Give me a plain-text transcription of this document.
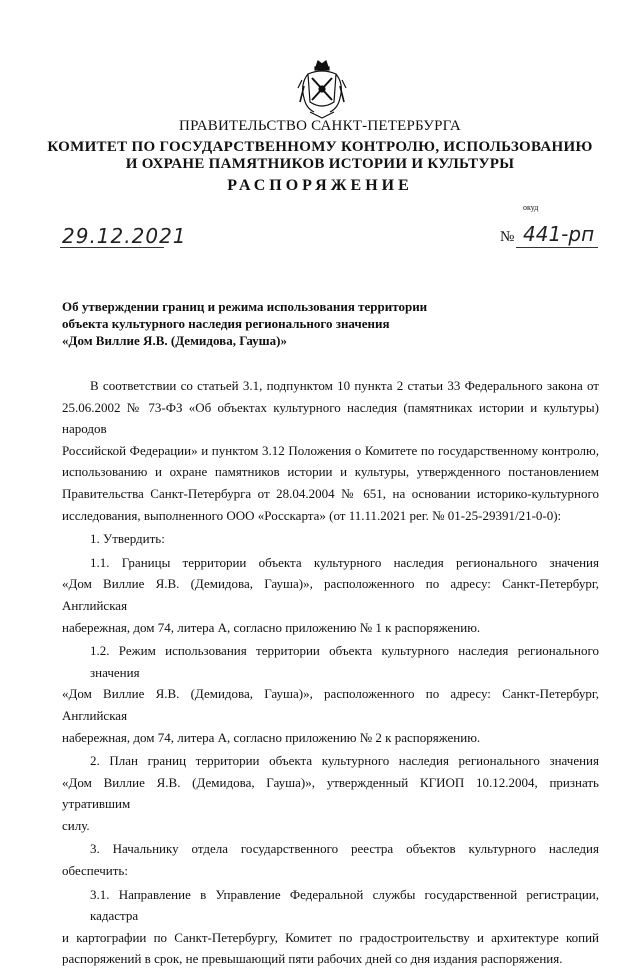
ПРАВИТЕЛЬСТВО САНКТ-ПЕТЕРБУРГА
КОМИТЕТ ПО ГОСУДАРСТВЕННОМУ КОНТРОЛЮ, ИСПОЛЬЗОВАНИЮ
И ОХРАНЕ ПАМЯТНИКОВ ИСТОРИИ И КУЛЬТУРЫ
РАСПОРЯЖЕНИЕ
окуд
29.12.2021	№ 441-рп
Об утверждении границ и режима использования территории
объекта культурного наследия регионального значения
«Дом Виллие Я.В. (Демидова, Гауша)»

В соответствии со статьей 3.1, подпунктом 10 пункта 2 статьи 33 Федерального закона от
25.06.2002 № 73-ФЗ «Об объектах культурного наследия (памятниках истории и культуры) народов
Российской Федерации» и пунктом 3.12 Положения о Комитете по государственному контролю,
использованию и охране памятников истории и культуры, утвержденного постановлением
Правительства Санкт-Петербурга от 28.04.2004 № 651, на основании историко-культурного
исследования, выполненного ООО «Росскарта» (от 11.11.2021 рег. № 01-25-29391/21-0-0):

1. Утвердить:

1.1. Границы территории объекта культурного наследия регионального значения
«Дом Виллие Я.В. (Демидова, Гауша)», расположенного по адресу: Санкт-Петербург, Английская
набережная, дом 74, литера А, согласно приложению № 1 к распоряжению.

1.2. Режим использования территории объекта культурного наследия регионального значения
«Дом Виллие Я.В. (Демидова, Гауша)», расположенного по адресу: Санкт-Петербург, Английская
набережная, дом 74, литера А, согласно приложению № 2 к распоряжению.

2. План границ территории объекта культурного наследия регионального значения
«Дом Виллие Я.В. (Демидова, Гауша)», утвержденный КГИОП 10.12.2004, признать утратившим
силу.

3. Начальнику отдела государственного реестра объектов культурного наследия обеспечить:

3.1. Направление в Управление Федеральной службы государственной регистрации, кадастра
и картографии по Санкт-Петербургу, Комитет по градостроительству и архитектуре копий
распоряжений в срок, не превышающий пяти рабочих дней со дня издания распоряжения.
